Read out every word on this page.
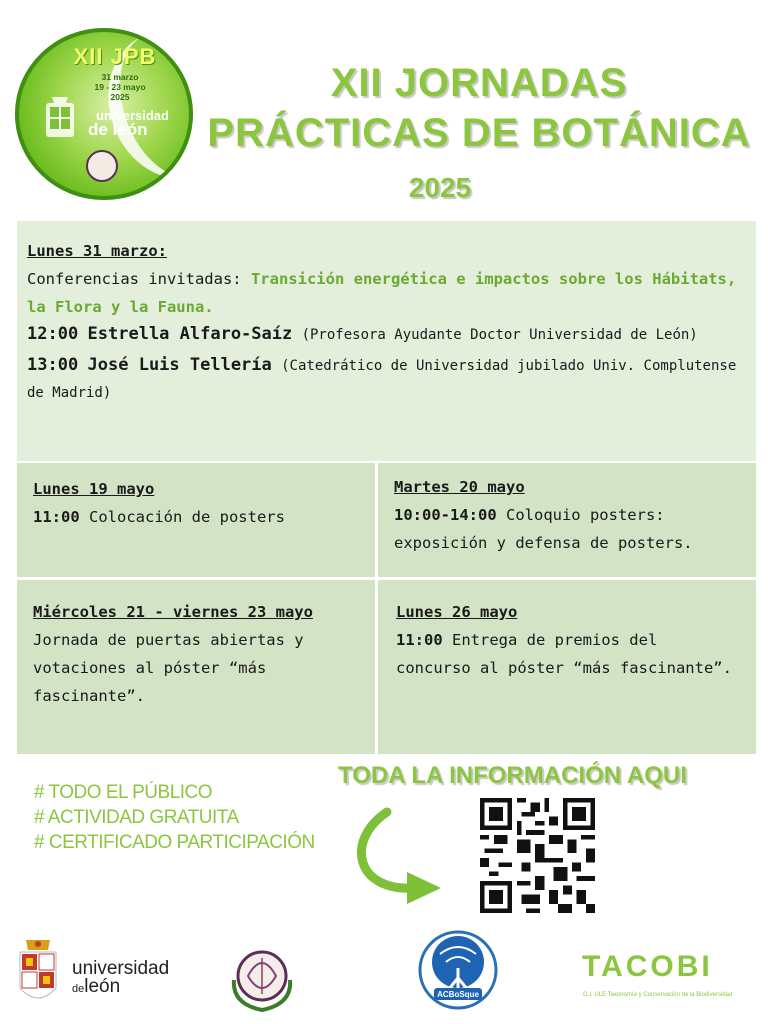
XII JPB
31 marzo
19 - 23 mayo
2025
universidad
de león
XII JORNADAS
PRÁCTICAS DE BOTÁNICA
2025
Lunes 31 marzo:
Conferencias invitadas: Transición energética e impactos sobre los Hábitats, la Flora y la Fauna.
12:00 Estrella Alfaro-Saíz (Profesora Ayudante Doctor Universidad de León)
13:00 José Luis Tellería (Catedrático de Universidad jubilado Univ. Complutense de Madrid)
Lunes 19 mayo
11:00 Colocación de posters
Martes 20 mayo
10:00-14:00 Coloquio posters: exposición y defensa de posters.
Miércoles 21 - viernes 23 mayo
Jornada de puertas abiertas y votaciones al póster “más fascinante”.
Lunes 26 mayo
11:00 Entrega de premios del concurso al póster “más fascinante”.
# TODO EL PÚBLICO
# ACTIVIDAD GRATUITA
# CERTIFICADO PARTICIPACIÓN
TODA LA INFORMACIÓN AQUI
universidad
deleón	ACBoSque
TACOBI
G.I. ULE Taxonomía y Conservación de la Biodiversidad
